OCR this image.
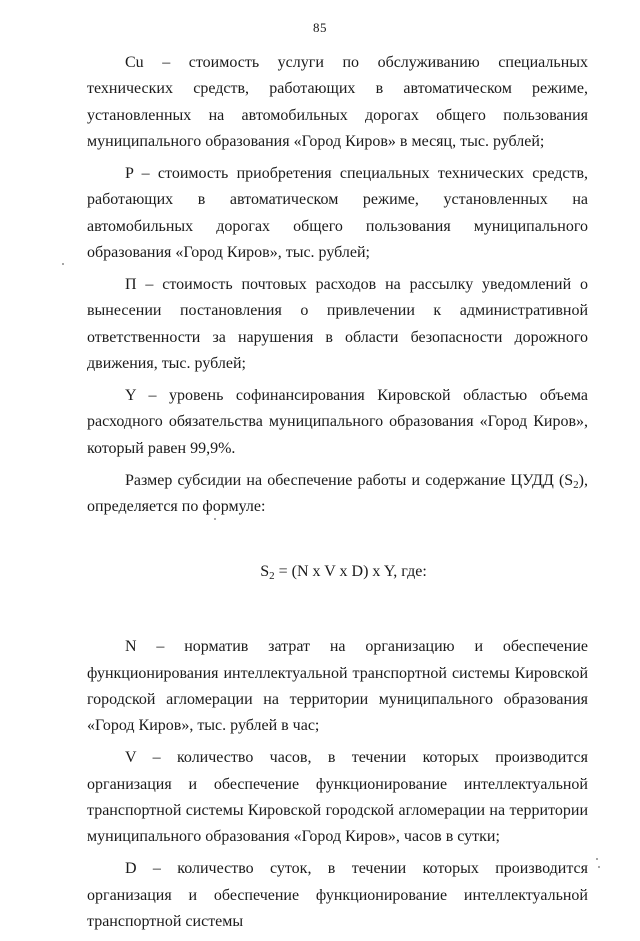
85

Cu – стоимость услуги по обслуживанию специальных технических средств, работающих в автоматическом режиме, установленных на автомобильных дорогах общего пользования муниципального образования «Город Киров» в месяц, тыс. рублей;

P – стоимость приобретения специальных технических средств, работающих в автоматическом режиме, установленных на автомобильных дорогах общего пользования муниципального образования «Город Киров», тыс. рублей;

П – стоимость почтовых расходов на рассылку уведомлений о вынесении постановления о привлечении к административной ответственности за нарушения в области безопасности дорожного движения, тыс. рублей;

Y – уровень софинансирования Кировской областью объема расходного обязательства муниципального образования «Город Киров», который равен 99,9%.

Размер субсидии на обеспечение работы и содержание ЦУДД $(S_2)$, определяется по формуле:

$S_2 = (N$ x V x D) x Y, где:

N – норматив затрат на организацию и обеспечение функционирования интеллектуальной транспортной системы Кировской городской агломерации на территории муниципального образования «Город Киров», тыс. рублей в час;

V – количество часов, в течении которых производится организация и обеспечение функционирование интеллектуальной транспортной системы Кировской городской агломерации на территории муниципального образования «Город Киров», часов в сутки;

D – количество суток, в течении которых производится организация и обеспечение функционирование интеллектуальной транспортной системы
